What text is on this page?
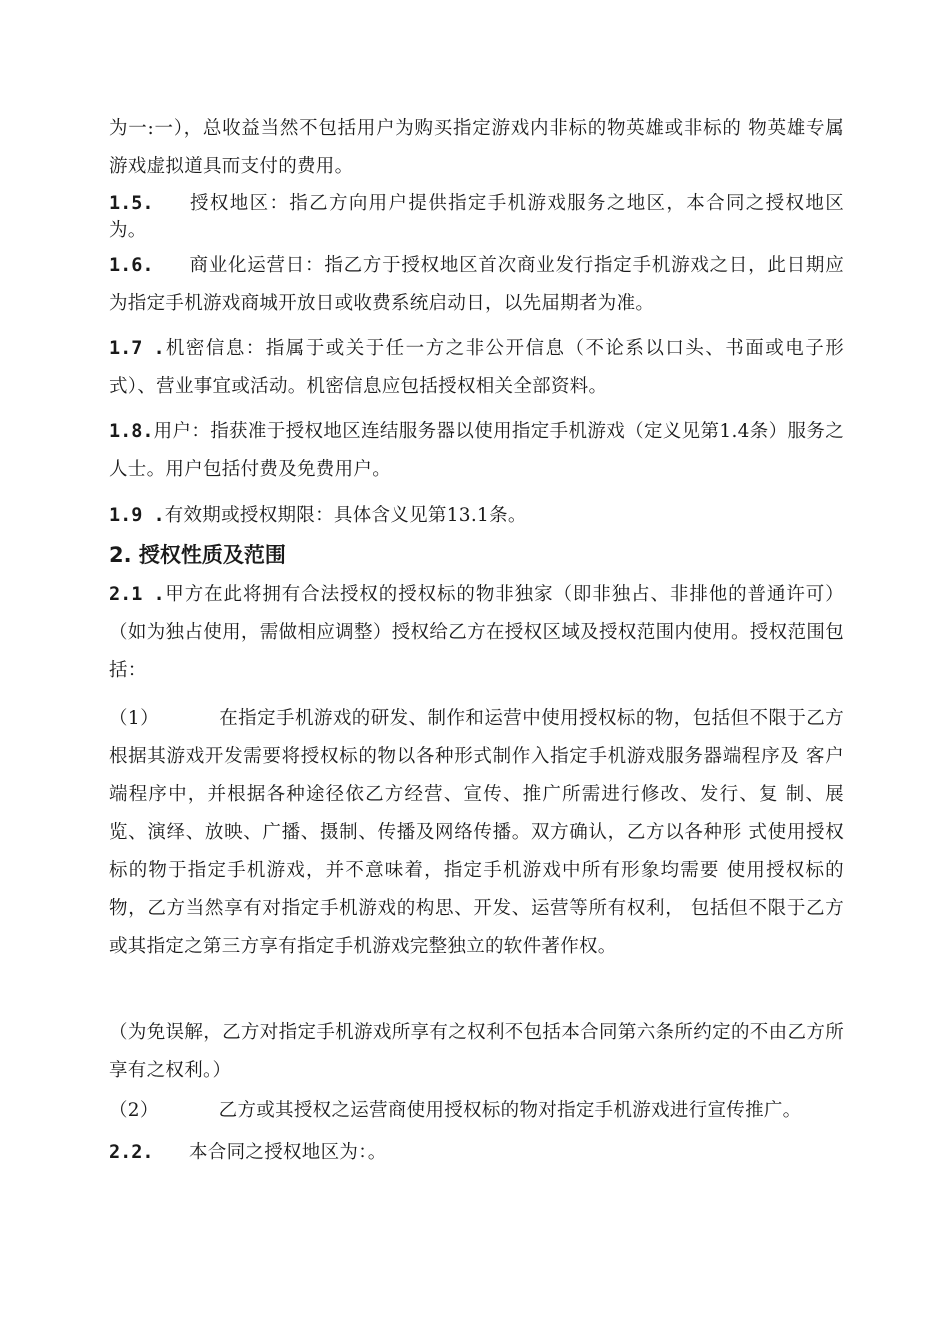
为一:一），总收益当然不包括用户为购买指定游戏内非标的物英雄或非标的 物英雄专属游戏虚拟道具而支付的费用。
1.5. 授权地区：指乙方向用户提供指定手机游戏服务之地区，本合同之授权地区 为。
1.6. 商业化运营日：指乙方于授权地区首次商业发行指定手机游戏之日，此日期应 为指定手机游戏商城开放日或收费系统启动日，以先届期者为准。
1.7 .机密信息：指属于或关于任一方之非公开信息（不论系以口头、书面或电子形 式）、营业事宜或活动。机密信息应包括授权相关全部资料。
1.8.用户：指获准于授权地区连结服务器以使用指定手机游戏（定义见第1.4条）服务之人士。用户包括付费及免费用户。
1.9 .有效期或授权期限：具体含义见第13.1条。
2. 授权性质及范围
2.1 .甲方在此将拥有合法授权的授权标的物非独家（即非独占、非排他的普通许可）（如为独占使用，需做相应调整）授权给乙方在授权区域及授权范围内使用。授权范围包括：
（1）	在指定手机游戏的研发、制作和运营中使用授权标的物，包括但不限于乙方 根据其游戏开发需要将授权标的物以各种形式制作入指定手机游戏服务器端程序及 客户端程序中，并根据各种途径依乙方经营、宣传、推广所需进行修改、发行、复 制、展览、演绎、放映、广播、摄制、传播及网络传播。双方确认，乙方以各种形 式使用授权标的物于指定手机游戏，并不意味着，指定手机游戏中所有形象均需要 使用授权标的物，乙方当然享有对指定手机游戏的构思、开发、运营等所有权利， 包括但不限于乙方或其指定之第三方享有指定手机游戏完整独立的软件著作权。
（为免误解，乙方对指定手机游戏所享有之权利不包括本合同第六条所约定的不由乙方所享有之权利。）
（2）	乙方或其授权之运营商使用授权标的物对指定手机游戏进行宣传推广。
2.2. 本合同之授权地区为：。
